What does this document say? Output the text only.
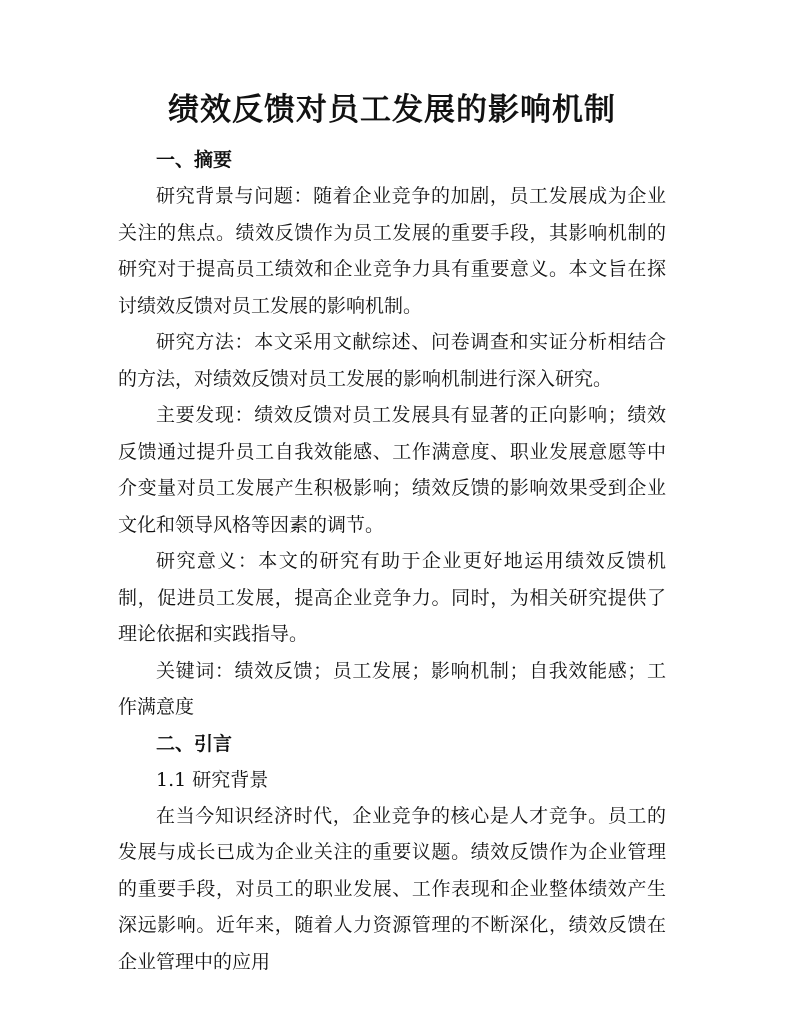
绩效反馈对员工发展的影响机制
一、摘要

研究背景与问题：随着企业竞争的加剧，员工发展成为企业关注的焦点。绩效反馈作为员工发展的重要手段，其影响机制的研究对于提高员工绩效和企业竞争力具有重要意义。本文旨在探讨绩效反馈对员工发展的影响机制。

研究方法：本文采用文献综述、问卷调查和实证分析相结合的方法，对绩效反馈对员工发展的影响机制进行深入研究。

主要发现：绩效反馈对员工发展具有显著的正向影响；绩效反馈通过提升员工自我效能感、工作满意度、职业发展意愿等中介变量对员工发展产生积极影响；绩效反馈的影响效果受到企业文化和领导风格等因素的调节。

研究意义：本文的研究有助于企业更好地运用绩效反馈机制，促进员工发展，提高企业竞争力。同时，为相关研究提供了理论依据和实践指导。

关键词：绩效反馈；员工发展；影响机制；自我效能感；工作满意度

二、引言

1.1 研究背景

在当今知识经济时代，企业竞争的核心是人才竞争。员工的发展与成长已成为企业关注的重要议题。绩效反馈作为企业管理的重要手段，对员工的职业发展、工作表现和企业整体绩效产生深远影响。近年来，随着人力资源管理的不断深化，绩效反馈在企业管理中的应用
